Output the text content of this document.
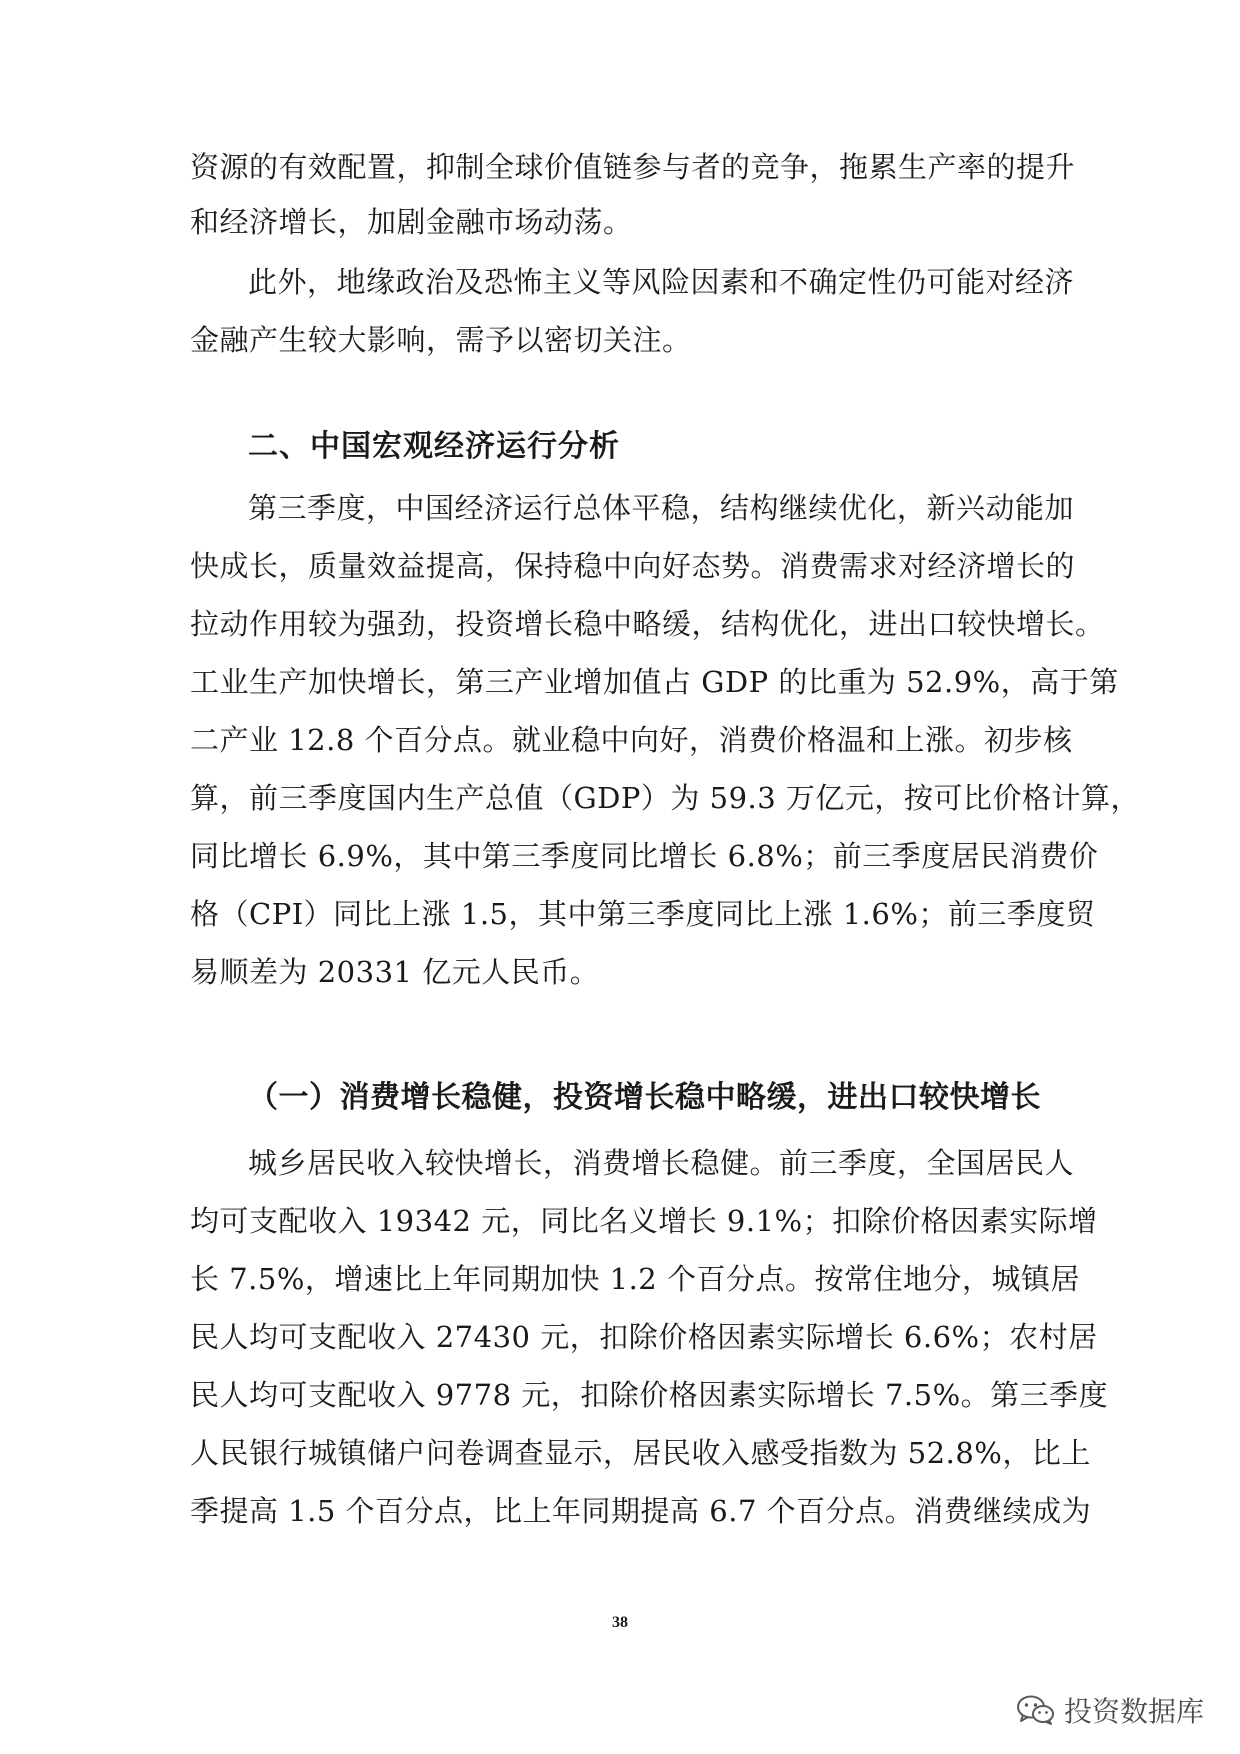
资源的有效配置，抑制全球价值链参与者的竞争，拖累生产率的提升
和经济增长，加剧金融市场动荡。
此外，地缘政治及恐怖主义等风险因素和不确定性仍可能对经济
金融产生较大影响，需予以密切关注。
二、中国宏观经济运行分析
第三季度，中国经济运行总体平稳，结构继续优化，新兴动能加
快成长，质量效益提高，保持稳中向好态势。消费需求对经济增长的
拉动作用较为强劲，投资增长稳中略缓，结构优化，进出口较快增长。
工业生产加快增长，第三产业增加值占 GDP 的比重为 52.9%，高于第
二产业 12.8 个百分点。就业稳中向好，消费价格温和上涨。初步核
算，前三季度国内生产总值（GDP）为 59.3 万亿元，按可比价格计算，
同比增长 6.9%，其中第三季度同比增长 6.8%；前三季度居民消费价
格（CPI）同比上涨 1.5，其中第三季度同比上涨 1.6%；前三季度贸
易顺差为 20331 亿元人民币。
（一）消费增长稳健，投资增长稳中略缓，进出口较快增长
城乡居民收入较快增长，消费增长稳健。前三季度，全国居民人
均可支配收入 19342 元，同比名义增长 9.1%；扣除价格因素实际增
长 7.5%，增速比上年同期加快 1.2 个百分点。按常住地分，城镇居
民人均可支配收入 27430 元，扣除价格因素实际增长 6.6%；农村居
民人均可支配收入 9778 元，扣除价格因素实际增长 7.5%。第三季度
人民银行城镇储户问卷调查显示，居民收入感受指数为 52.8%，比上
季提高 1.5 个百分点，比上年同期提高 6.7 个百分点。消费继续成为
38
投资数据库
